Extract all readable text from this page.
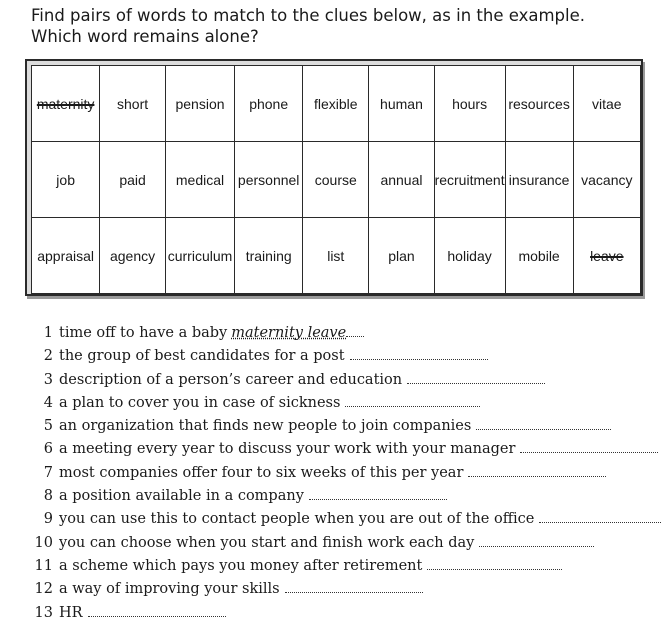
Find pairs of words to match to the clues below, as in the example. Which word remains alone?
maternity	short	pension	phone	flexible	human	hours	resources	vitae
job	paid	medical	personnel	course	annual	recruitment	insurance	vacancy
appraisal	agency	curriculum	training	list	plan	holiday	mobile	leave
1 time off to have a baby maternity leave
2 the group of best candidates for a post
3 description of a person’s career and education
4 a plan to cover you in case of sickness
5 an organization that finds new people to join companies
6 a meeting every year to discuss your work with your manager
7 most companies offer four to six weeks of this per year
8 a position available in a company
9 you can use this to contact people when you are out of the office
10 you can choose when you start and finish work each day
11 a scheme which pays you money after retirement
12 a way of improving your skills
13 HR
